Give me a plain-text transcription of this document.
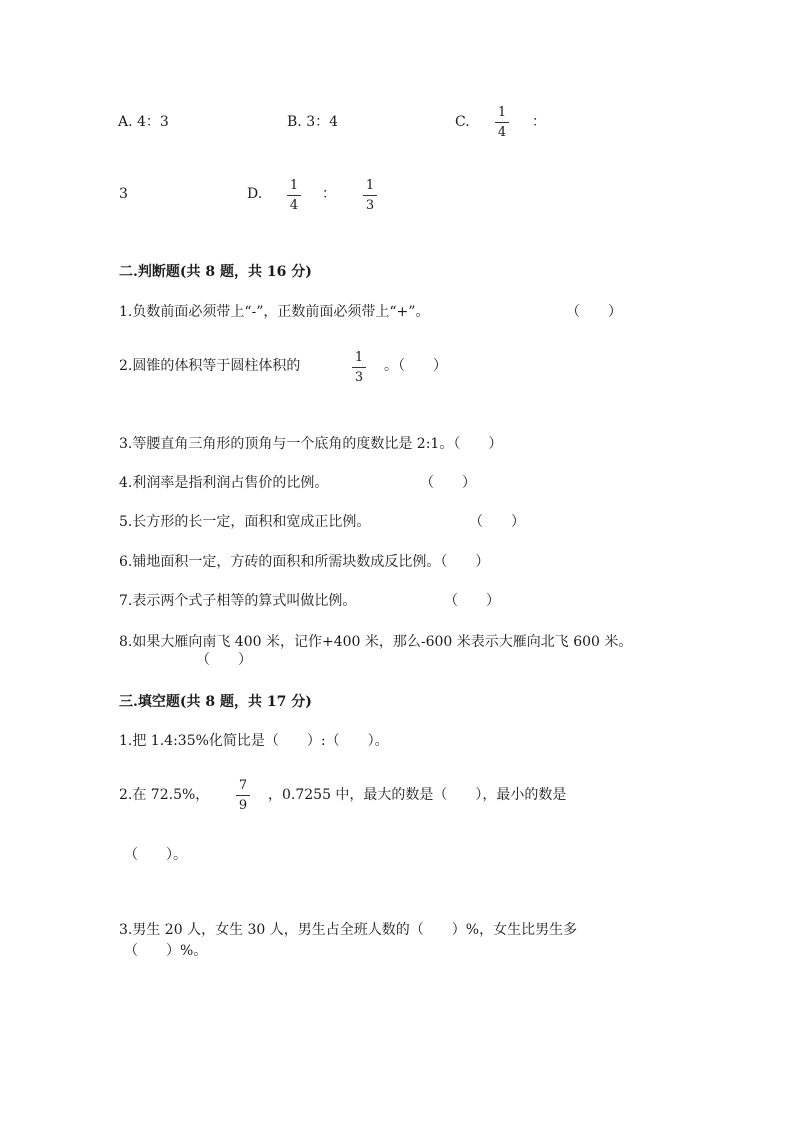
A. 4：3	B. 3：4	C.
1
4
：
3	D.
1
4
：
1
3
二.判断题(共 8 题，共 16 分)
1.负数前面必须带上“-”，正数前面必须带上“+”。	（　　）
2.圆锥的体积等于圆柱体积的
1
3
。（　　）
3.等腰直角三角形的顶角与一个底角的度数比是 2:1。（　　）
4.利润率是指利润占售价的比例。	（　　）
5.长方形的长一定，面积和宽成正比例。	（　　）
6.铺地面积一定，方砖的面积和所需块数成反比例。（　　）
7.表示两个式子相等的算式叫做比例。	（　　）
8.如果大雁向南飞 400 米，记作+400 米，那么-600 米表示大雁向北飞 600 米。
（　　）
三.填空题(共 8 题，共 17 分)
1.把 1.4:35%化简比是（　　）:（　　）。
2.在 72.5%，
7
9
，0.7255 中，最大的数是（　　），最小的数是
（　　）。
3.男生 20 人，女生 30 人，男生占全班人数的（　　）%，女生比男生多
（　　）%。
